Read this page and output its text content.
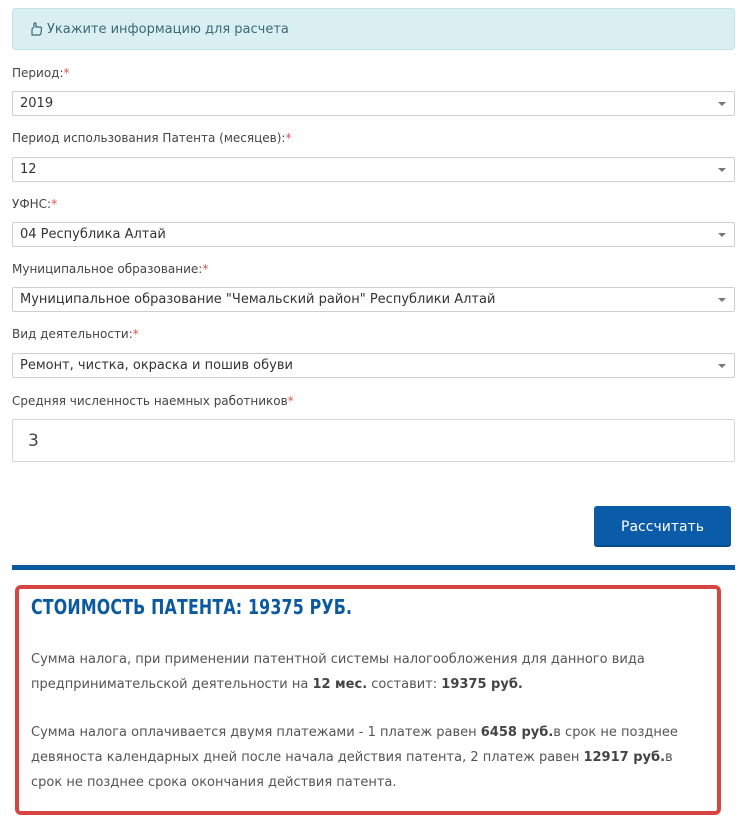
Укажите информацию для расчета
Период:*
2019
Период использования Патента (месяцев):*
12
УФНС:*
04 Республика Алтай
Муниципальное образование:*
Муниципальное образование "Чемальский район" Республики Алтай
Вид деятельности:*
Ремонт, чистка, окраска и пошив обуви
Средняя численность наемных работников*
3
Рассчитать
СТОИМОСТЬ ПАТЕНТА: 19375 РУБ.

Сумма налога, при применении патентной системы налогообложения для данного вида предпринимательской деятельности на 12 мес. составит: 19375 руб.

Сумма налога оплачивается двумя платежами - 1 платеж равен 6458 руб.в срок не позднее девяноста календарных дней после начала действия патента, 2 платеж равен 12917 руб.в срок не позднее срока окончания действия патента.
